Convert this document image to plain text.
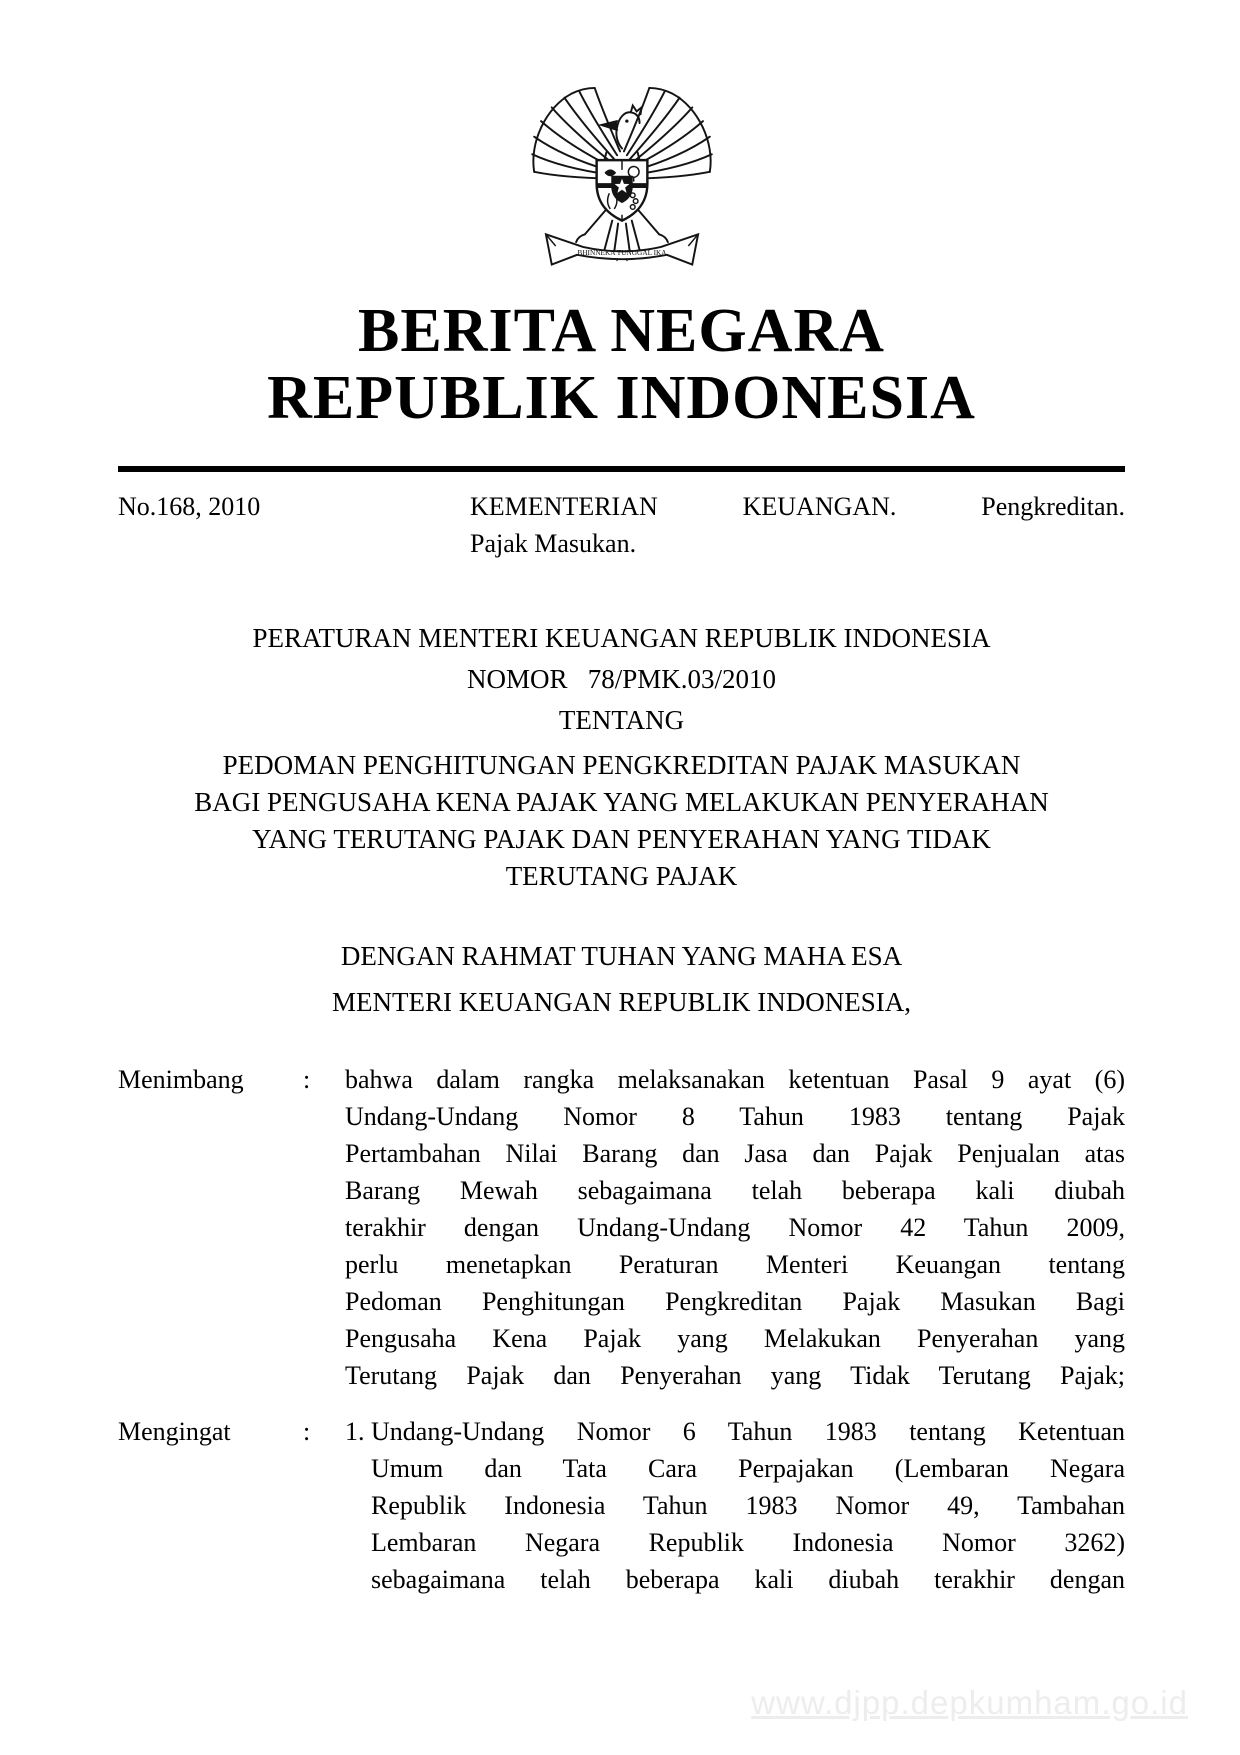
BHINNEKA TUNGGAL IKA
BERITA NEGARA
REPUBLIK INDONESIA
No.168, 2010	KEMENTERIAN KEUANGAN. Pengkreditan.
Pajak Masukan.
PERATURAN MENTERI KEUANGAN REPUBLIK INDONESIA
NOMOR   78/PMK.03/2010
TENTANG
PEDOMAN PENGHITUNGAN PENGKREDITAN PAJAK MASUKAN
BAGI PENGUSAHA KENA PAJAK YANG MELAKUKAN PENYERAHAN
YANG TERUTANG PAJAK DAN PENYERAHAN YANG TIDAK
TERUTANG PAJAK
DENGAN RAHMAT TUHAN YANG MAHA ESA
MENTERI KEUANGAN REPUBLIK INDONESIA,
Menimbang	:	bahwa dalam rangka melaksanakan ketentuan Pasal 9 ayat (6)
Undang-Undang Nomor 8 Tahun 1983 tentang Pajak
Pertambahan Nilai Barang dan Jasa dan Pajak Penjualan atas
Barang Mewah sebagaimana telah beberapa kali diubah
terakhir dengan Undang-Undang Nomor 42 Tahun 2009,
perlu menetapkan Peraturan Menteri Keuangan tentang
Pedoman Penghitungan Pengkreditan Pajak Masukan Bagi
Pengusaha Kena Pajak yang Melakukan Penyerahan yang
Terutang Pajak dan Penyerahan yang Tidak Terutang Pajak;
Mengingat	:	1. Undang-Undang Nomor 6 Tahun 1983 tentang Ketentuan
Umum dan Tata Cara Perpajakan (Lembaran Negara
Republik Indonesia Tahun 1983 Nomor 49, Tambahan
Lembaran Negara Republik Indonesia Nomor 3262)
sebagaimana telah beberapa kali diubah terakhir dengan
www.djpp.depkumham.go.id
